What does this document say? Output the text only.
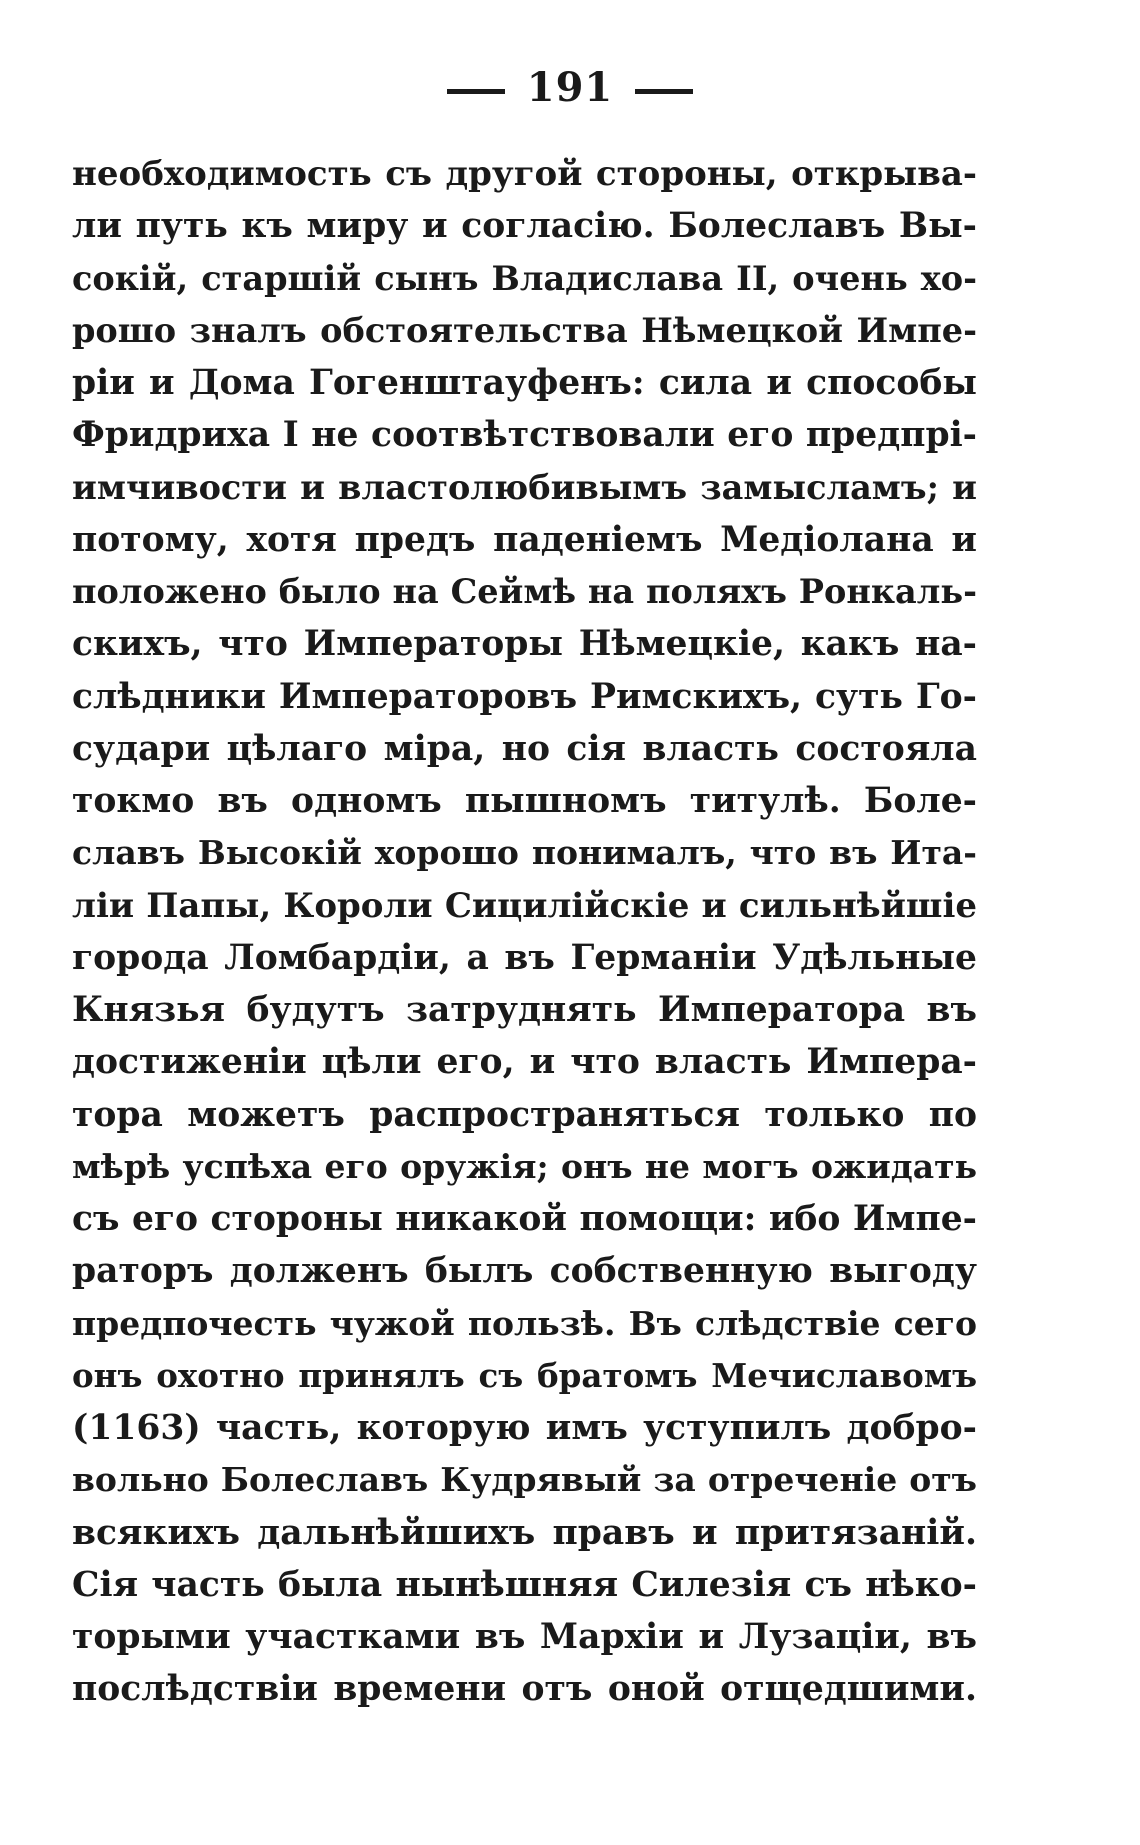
191
необходимость съ другой стороны, открыва-
ли путь къ миру и согласію. Болеславъ Вы-
сокій, старшій сынъ Владислава II, очень хо-
рошо зналъ обстоятельства Нѣмецкой Импе-
ріи и Дома Гогенштауфенъ: сила и способы
Фридриха I не соотвѣтствовали его предпрі-
имчивости и властолюбивымъ замысламъ; и
потому, хотя предъ паденіемъ Медіолана и
положено было на Сеймѣ на поляхъ Ронкаль-
скихъ, что Императоры Нѣмецкіе, какъ на-
слѣдники Императоровъ Римскихъ, суть Го-
судари цѣлаго міра, но сія власть состояла
токмо въ одномъ пышномъ титулѣ. Боле-
славъ Высокій хорошо понималъ, что въ Ита-
ліи Папы, Короли Сицилійскіе и сильнѣйшіе
города Ломбардіи, а въ Германіи Удѣльные
Князья будутъ затруднять Императора въ
достиженіи цѣли его, и что власть Импера-
тора можетъ распространяться только по
мѣрѣ успѣха его оружія; онъ не могъ ожидать
съ его стороны никакой помощи: ибо Импе-
раторъ долженъ былъ собственную выгоду
предпочесть чужой пользѣ. Въ слѣдствіе сего
онъ охотно принялъ съ братомъ Мечиславомъ
(1163) часть, которую имъ уступилъ добро-
вольно Болеславъ Кудрявый за отреченіе отъ
всякихъ дальнѣйшихъ правъ и притязаній.
Сія часть была нынѣшняя Силезія съ нѣко-
торыми участками въ Мархіи и Лузаціи, въ
послѣдствіи времени отъ оной отщедшими.
